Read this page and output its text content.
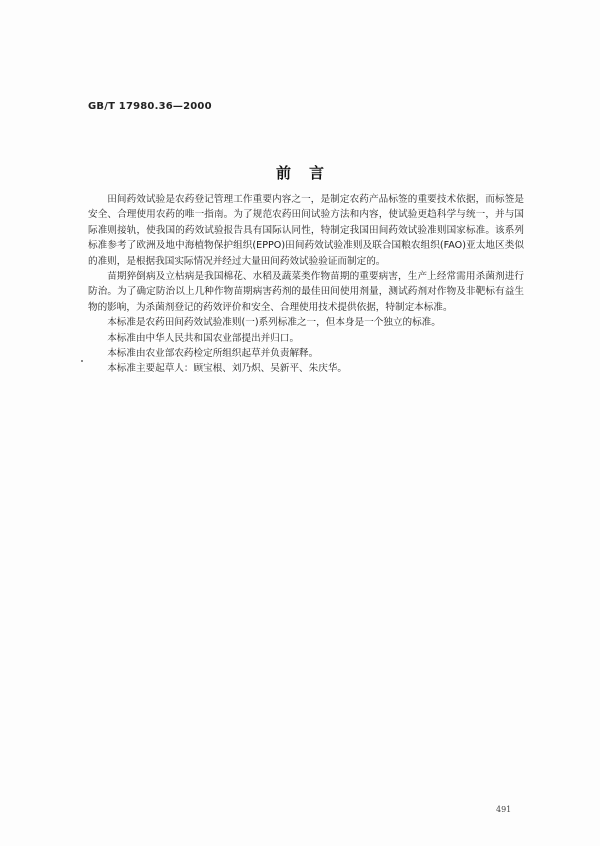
GB/T 17980.36—2000
前言

田间药效试验是农药登记管理工作重要内容之一，是制定农药产品标签的重要技术依据，而标签是安全、合理使用农药的唯一指南。为了规范农药田间试验方法和内容，使试验更趋科学与统一，并与国际准则接轨，使我国的药效试验报告具有国际认同性，特制定我国田间药效试验准则国家标准。该系列标准参考了欧洲及地中海植物保护组织(EPPO)田间药效试验准则及联合国粮农组织(FAO)亚太地区类似的准则，是根据我国实际情况并经过大量田间药效试验验证而制定的。

苗期猝倒病及立枯病是我国棉花、水稻及蔬菜类作物苗期的重要病害，生产上经常需用杀菌剂进行防治。为了确定防治以上几种作物苗期病害药剂的最佳田间使用剂量，测试药剂对作物及非靶标有益生物的影响，为杀菌剂登记的药效评价和安全、合理使用技术提供依据，特制定本标准。

本标准是农药田间药效试验准则(一)系列标准之一，但本身是一个独立的标准。

本标准由中华人民共和国农业部提出并归口。

本标准由农业部农药检定所组织起草并负责解释。

本标准主要起草人：顾宝根、刘乃炽、吴新平、朱庆华。

491
